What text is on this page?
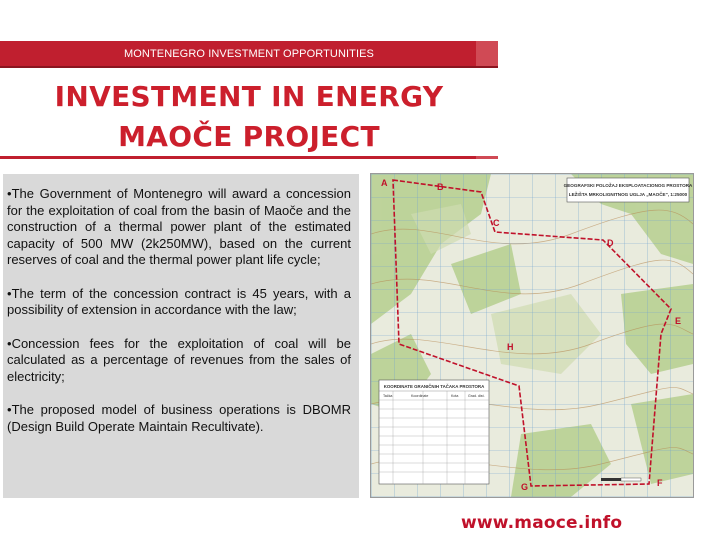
MONTENEGRO INVESTMENT OPPORTUNITIES
INVESTMENT IN ENERGY
MAOČE PROJECT

• The Government of Montenegro will award a concession for the exploitation of coal from the basin of Maoče and the construction of a thermal power plant of the estimated capacity of 500 MW (2k250MW), based on the current reserves of coal and the thermal power plant life cycle;

• The term of the concession contract is 45 years, with a possibility of extension in accordance with the law;

• Concession fees for the exploitation of coal will be calculated as a percentage of revenues from the sales of electricity;

• The proposed model of business operations is DBOMR (Design Build Operate Maintain Recultivate).

A	B
C
D
E
F
G
H
GEOGRAFSKI POLOŽAJ EKSPLOATACIONOG PROSTORA
LEŽIŠTA MRKOLIGNITNOG UGLJA „MAOČE", 1:25000
KOORDINATE GRANIČNIH TAČAKA PROSTORA
Tačka	Koordinate	Kota	Grad. dist.
www.maoce.info
